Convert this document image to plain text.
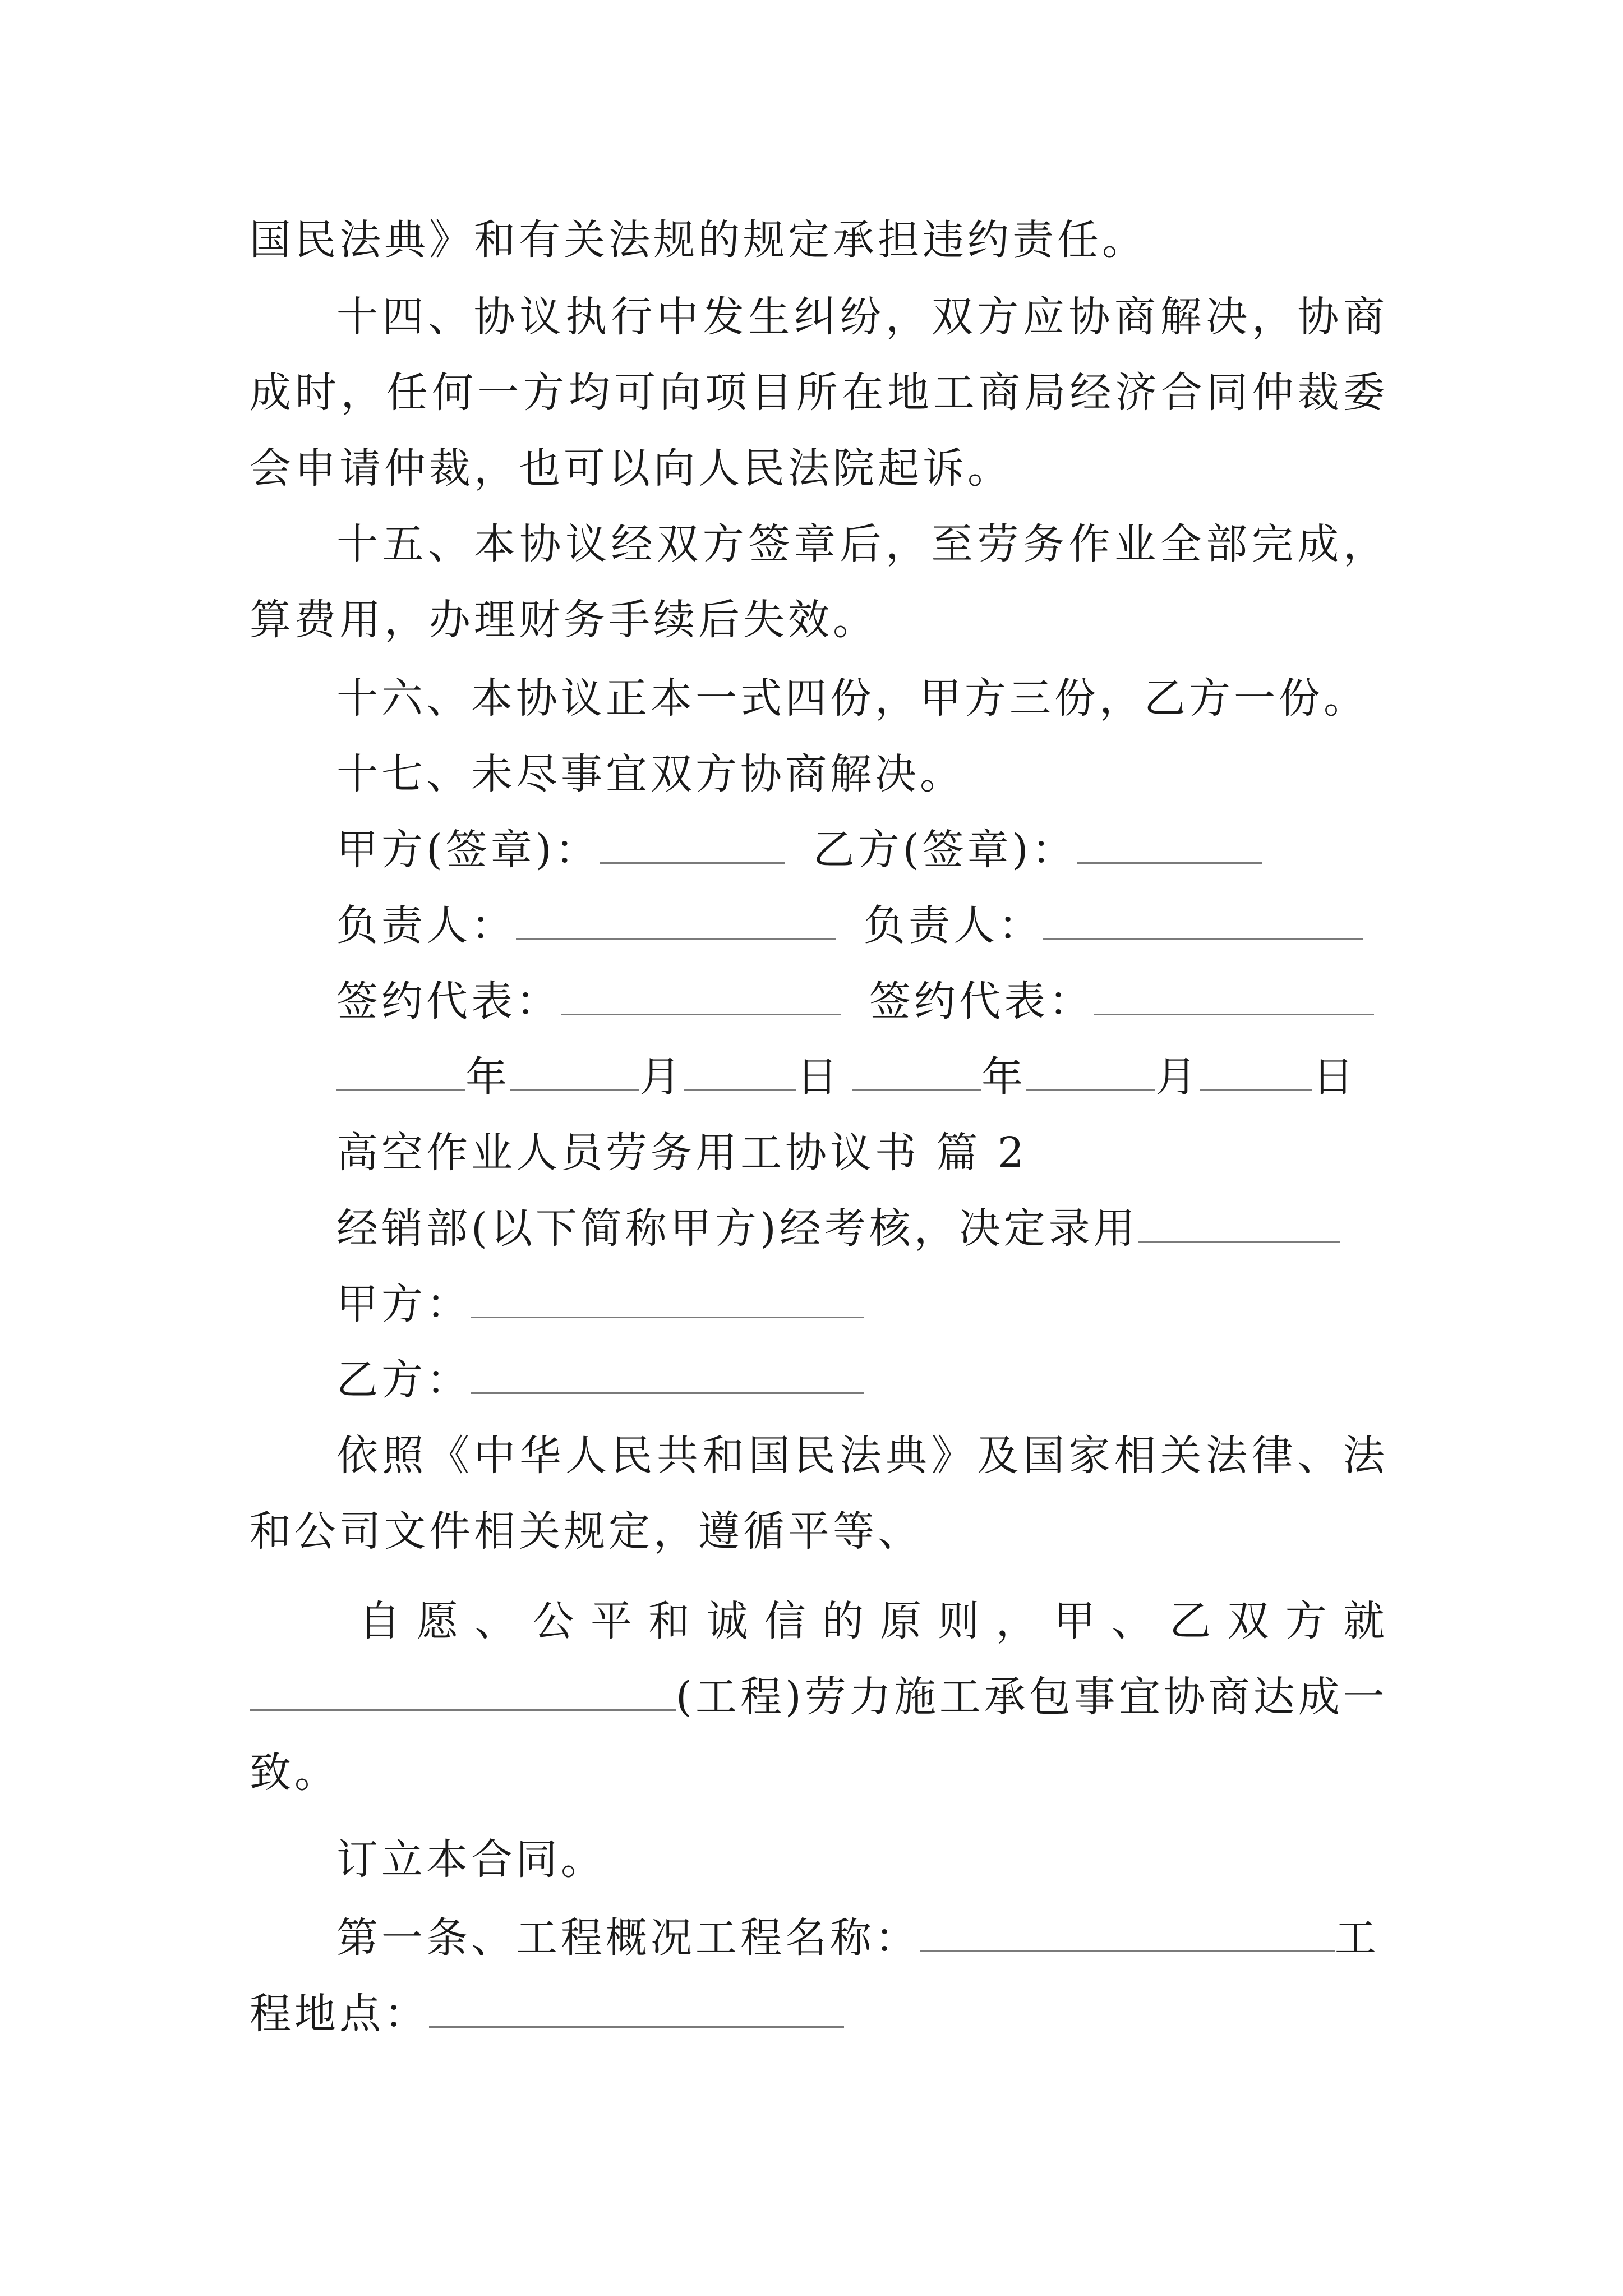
国民法典》和有关法规的规定承担违约责任。
十四、协议执行中发生纠纷，双方应协商解决，协商
成时，任何一方均可向项目所在地工商局经济合同仲裁委
会申请仲裁，也可以向人民法院起诉。
十五、本协议经双方签章后，至劳务作业全部完成，
算费用，办理财务手续后失效。
十六、本协议正本一式四份，甲方三份，乙方一份。
十七、未尽事宜双方协商解决。
甲方(签章)：	乙方(签章)：
负责人：	负责人：
签约代表：	签约代表：
年	月	日	年	月	日
高空作业人员劳务用工协议书 篇 2
经销部(以下简称甲方)经考核，决定录用
甲方：
乙方：
依照《中华人民共和国民法典》及国家相关法律、法
和公司文件相关规定，遵循平等、
自愿、公平和诚信的原则，甲、乙双方就
(工程)劳力施工承包事宜协商达成一
致。
订立本合同。
第一条、工程概况工程名称：	工
程地点：
